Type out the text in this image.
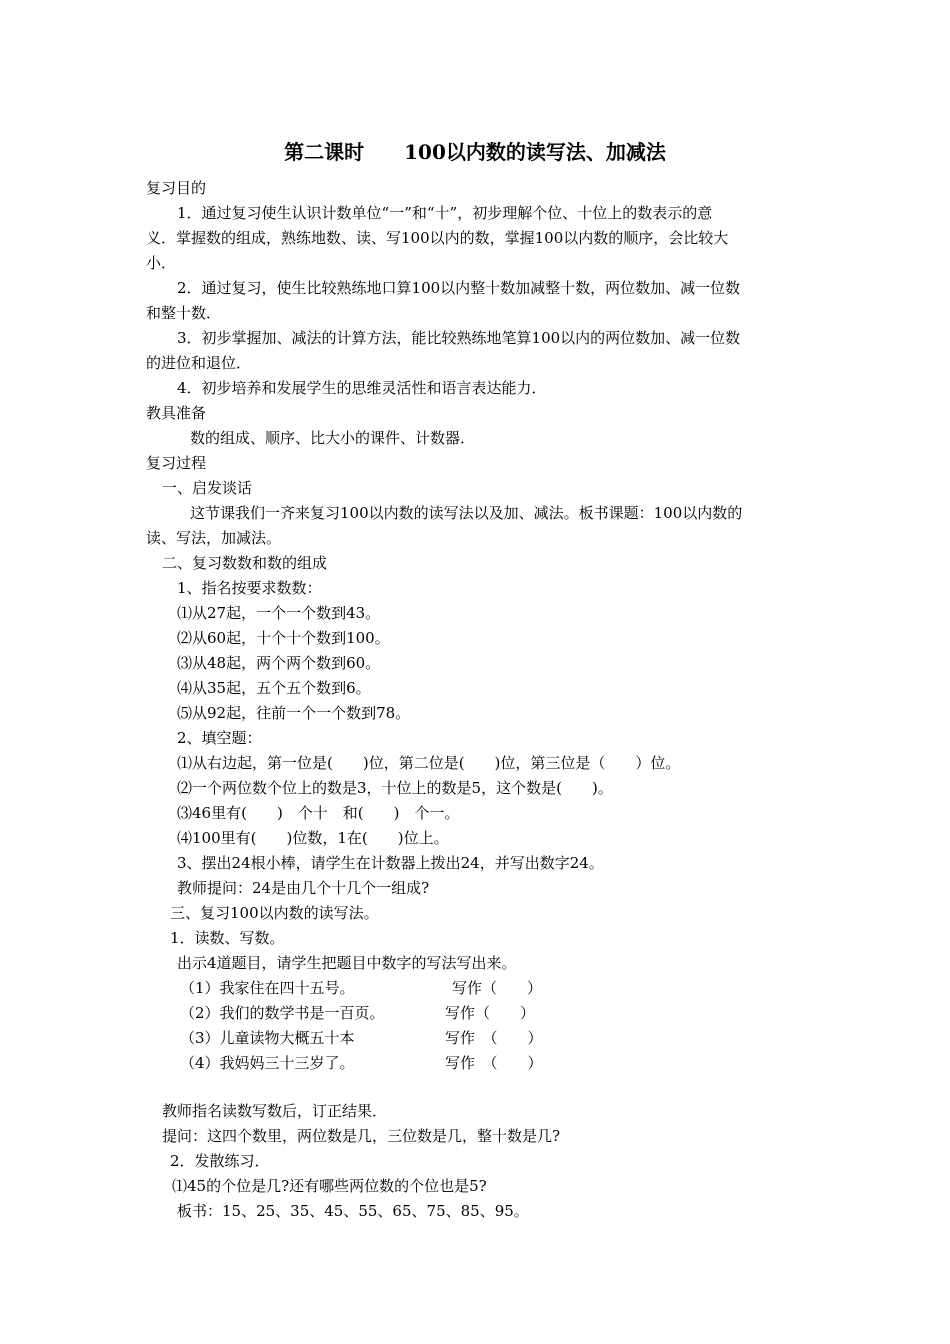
第二课时　　100以内数的读写法、加减法
复习目的
1．通过复习使生认识计数单位“一”和“十”，初步理解个位、十位上的数表示的意
义．掌握数的组成，熟练地数、读、写100以内的数，掌握100以内数的顺序，会比较大
小．
2．通过复习，使生比较熟练地口算100以内整十数加减整十数，两位数加、减一位数
和整十数．
3．初步掌握加、减法的计算方法，能比较熟练地笔算100以内的两位数加、减一位数
的进位和退位．
4．初步培养和发展学生的思维灵活性和语言表达能力．
教具准备
数的组成、顺序、比大小的课件、计数器．
复习过程
一、启发谈话
这节课我们一齐来复习100以内数的读写法以及加、减法。板书课题：100以内数的
读、写法，加减法。
二、复习数数和数的组成
1、指名按要求数数：
⑴从27起，一个一个数到43。
⑵从60起，十个十个数到100。
⑶从48起，两个两个数到60。
⑷从35起，五个五个数到6。
⑸从92起，往前一个一个数到78。
2、填空题：
⑴从右边起，第一位是(　　)位，第二位是(　　)位，第三位是（　　）位。
⑵一个两位数个位上的数是3，十位上的数是5，这个数是(　　)。
⑶46里有(　　)　个十　和(　　)　个一。
⑷100里有(　　)位数，1在(　　)位上。
3、摆出24根小棒，请学生在计数器上拨出24，并写出数字24。
教师提问：24是由几个十几个一组成?
三、复习100以内数的读写法。
1．读数、写数。
出示4道题目，请学生把题目中数字的写法写出来。
（1）我家住在四十五号。	写作（　　）
（2）我们的数学书是一百页。	写作（　　）
（3）儿童读物大概五十本	写作　（　　）
（4）我妈妈三十三岁了。	写作　（　　）
教师指名读数写数后，订正结果．
提问：这四个数里，两位数是几，三位数是几，整十数是几?
2．发散练习．
⑴45的个位是几?还有哪些两位数的个位也是5?
板书：15、25、35、45、55、65、75、85、95。
